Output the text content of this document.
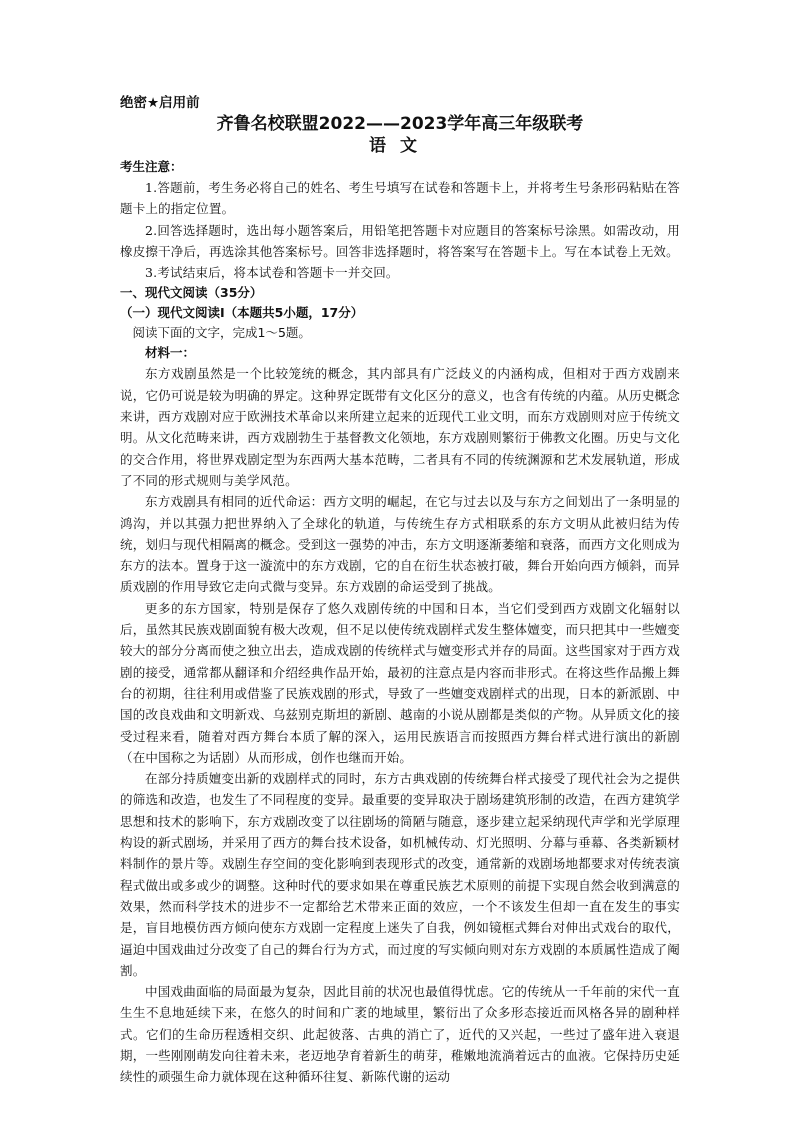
绝密★启用前
齐鲁名校联盟2022——2023学年高三年级联考
语文
考生注意：

1.答题前，考生务必将自己的姓名、考生号填写在试卷和答题卡上，并将考生号条形码粘贴在答题卡上的指定位置。

2.回答选择题时，选出每小题答案后，用铅笔把答题卡对应题目的答案标号涂黑。如需改动，用橡皮擦干净后，再选涂其他答案标号。回答非选择题时，将答案写在答题卡上。写在本试卷上无效。

3.考试结束后，将本试卷和答题卡一并交回。

一、现代文阅读（35分）
（一）现代文阅读Ⅰ（本题共5小题，17分）
阅读下面的文字，完成1～5题。
材料一：

东方戏剧虽然是一个比较笼统的概念，其内部具有广泛歧义的内涵构成，但相对于西方戏剧来说，它仍可说是较为明确的界定。这种界定既带有文化区分的意义，也含有传统的内蕴。从历史概念来讲，西方戏剧对应于欧洲技术革命以来所建立起来的近现代工业文明，而东方戏剧则对应于传统文明。从文化范畴来讲，西方戏剧勃生于基督教文化领地，东方戏剧则繁衍于佛教文化圈。历史与文化的交合作用，将世界戏剧定型为东西两大基本范畴，二者具有不同的传统渊源和艺术发展轨道，形成了不同的形式规则与美学风范。

东方戏剧具有相同的近代命运：西方文明的崛起，在它与过去以及与东方之间划出了一条明显的鸿沟，并以其强力把世界纳入了全球化的轨道，与传统生存方式相联系的东方文明从此被归结为传统，划归与现代相隔离的概念。受到这一强势的冲击，东方文明逐渐萎缩和衰落，而西方文化则成为东方的法本。置身于这一漩流中的东方戏剧，它的自在衍生状态被打破，舞台开始向西方倾斜，而异质戏剧的作用导致它走向式微与变异。东方戏剧的命运受到了挑战。

更多的东方国家，特别是保存了悠久戏剧传统的中国和日本，当它们受到西方戏剧文化辐射以后，虽然其民族戏剧面貌有极大改观，但不足以使传统戏剧样式发生整体嬗变，而只把其中一些嬗变较大的部分分离而使之独立出去，造成戏剧的传统样式与嬗变形式并存的局面。这些国家对于西方戏剧的接受，通常都从翻译和介绍经典作品开始，最初的注意点是内容而非形式。在将这些作品搬上舞台的初期，往往利用或借鉴了民族戏剧的形式，导致了一些嬗变戏剧样式的出现，日本的新派剧、中国的改良戏曲和文明新戏、乌兹别克斯坦的新剧、越南的小说从剧都是类似的产物。从异质文化的接受过程来看，随着对西方舞台本质了解的深入，运用民族语言而按照西方舞台样式进行演出的新剧（在中国称之为话剧）从而形成，创作也继而开始。

在部分持质嬗变出新的戏剧样式的同时，东方古典戏剧的传统舞台样式接受了现代社会为之提供的筛选和改造，也发生了不同程度的变异。最重要的变异取决于剧场建筑形制的改造，在西方建筑学思想和技术的影响下，东方戏剧改变了以往剧场的简陋与随意，逐步建立起采纳现代声学和光学原理构设的新式剧场，并采用了西方的舞台技术设备，如机械传动、灯光照明、分幕与垂幕、各类新颖材料制作的景片等。戏剧生存空间的变化影响到表现形式的改变，通常新的戏剧场地都要求对传统表演程式做出或多或少的调整。这种时代的要求如果在尊重民族艺术原则的前提下实现自然会收到满意的效果，然而科学技术的进步不一定都给艺术带来正面的效应，一个不该发生但却一直在发生的事实是，盲目地模仿西方倾向使东方戏剧一定程度上迷失了自我，例如镜框式舞台对伸出式戏台的取代，逼迫中国戏曲过分改变了自己的舞台行为方式，而过度的写实倾向则对东方戏剧的本质属性造成了阉割。

中国戏曲面临的局面最为复杂，因此目前的状况也最值得忧虑。它的传统从一千年前的宋代一直生生不息地延续下来，在悠久的时间和广袤的地域里，繁衍出了众多形态接近而风格各异的剧种样式。它们的生命历程透相交织、此起彼落、古典的消亡了，近代的又兴起，一些过了盛年进入衰退期，一些刚刚萌发向往着未来，老迈地孕育着新生的萌芽，稚嫩地流淌着远古的血液。它保持历史延续性的顽强生命力就体现在这种循环往复、新陈代谢的运动
